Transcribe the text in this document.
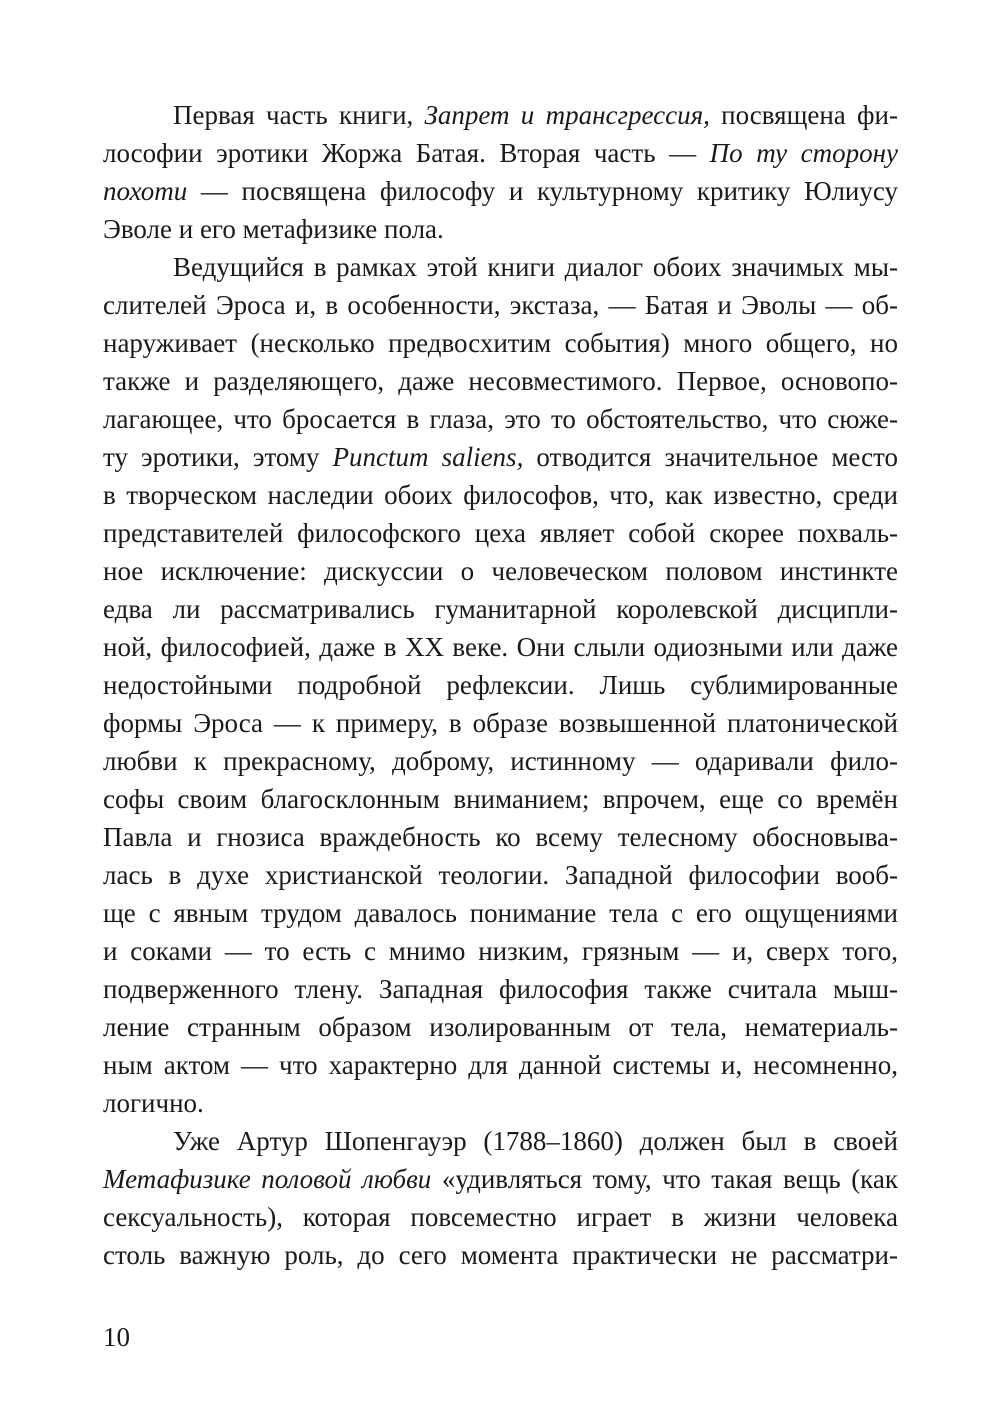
Первая часть книги, Запрет и трансгрессия, посвящена фи-
лософии эротики Жоржа Батая. Вторая часть — По ту сторону
похоти — посвящена философу и культурному критику Юлиусу
Эволе и его метафизике пола.
Ведущийся в рамках этой книги диалог обоих значимых мы-
слителей Эроса и, в особенности, экстаза, — Батая и Эволы — об-
наруживает (несколько предвосхитим события) много общего, но
также и разделяющего, даже несовместимого. Первое, основопо-
лагающее, что бросается в глаза, это то обстоятельство, что сюже-
ту эротики, этому Punctum saliens, отводится значительное место
в творческом наследии обоих философов, что, как известно, среди
представителей философского цеха являет собой скорее похваль-
ное исключение: дискуссии о человеческом половом инстинкте
едва ли рассматривались гуманитарной королевской дисципли-
ной, философией, даже в XX веке. Они слыли одиозными или даже
недостойными подробной рефлексии. Лишь сублимированные
формы Эроса — к примеру, в образе возвышенной платонической
любви к прекрасному, доброму, истинному — одаривали фило-
софы своим благосклонным вниманием; впрочем, еще со времён
Павла и гнозиса враждебность ко всему телесному обосновыва-
лась в духе христианской теологии. Западной философии вооб-
ще с явным трудом давалось понимание тела с его ощущениями
и соками — то есть с мнимо низким, грязным — и, сверх того,
подверженного тлену. Западная философия также считала мыш-
ление странным образом изолированным от тела, нематериаль-
ным актом — что характерно для данной системы и, несомненно,
логично.
Уже Артур Шопенгауэр (1788–1860) должен был в своей
Метафизике половой любви «удивляться тому, что такая вещь (как
сексуальность), которая повсеместно играет в жизни человека
столь важную роль, до сего момента практически не рассматри-
10
